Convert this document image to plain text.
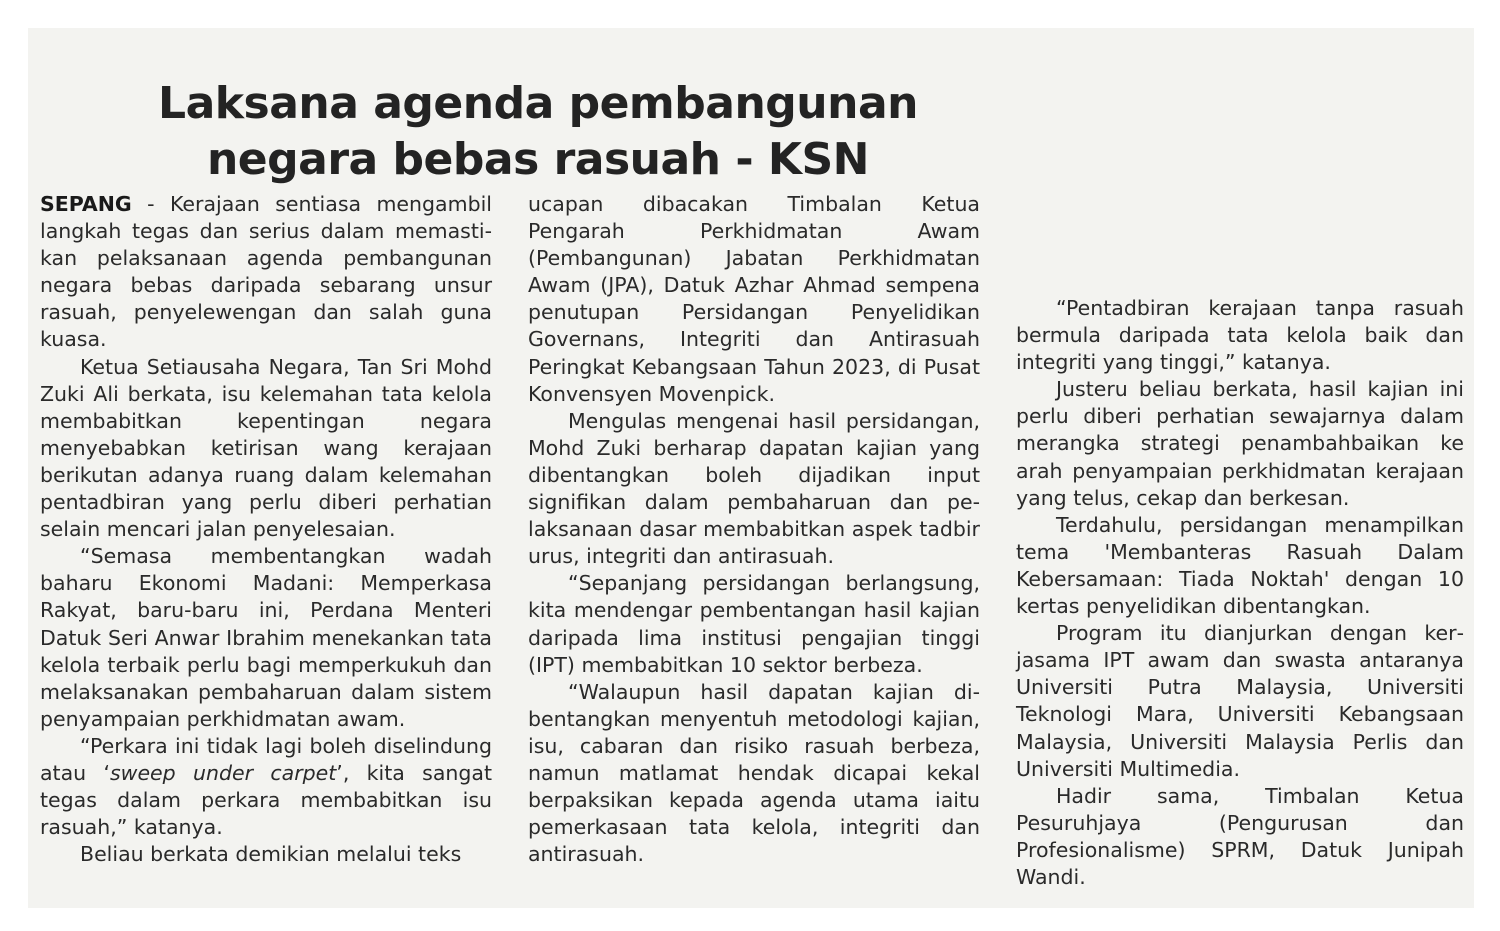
Laksana agenda pembangunan
negara bebas rasuah - KSN

SEPANG - Kerajaan sentiasa mengambil langkah tegas dan serius dalam memastikan pelaksanaan agenda pembangunan negara bebas daripada sebarang unsur rasuah, penyelewengan dan salah guna kuasa.

Ketua Setiausaha Negara, Tan Sri Mohd Zuki Ali berkata, isu kelemahan tata kelola membabitkan kepentingan negara menyebabkan ketirisan wang kerajaan berikutan adanya ruang dalam kelemahan pentadbiran yang perlu diberi perhatian selain mencari jalan penyelesaian.

“Semasa membentangkan wadah baharu Ekonomi Madani: Memperkasa Rakyat, baru-baru ini, Perdana Menteri Datuk Seri Anwar Ibrahim menekankan tata kelola terbaik perlu bagi memperkukuh dan melaksanakan pembaharuan dalam sistem penyampaian perkhidmatan awam.

“Perkara ini tidak lagi boleh diselindung atau ‘sweep under carpet’, kita sangat tegas dalam perkara membabitkan isu rasuah,” katanya.

Beliau berkata demikian melalui teks

ucapan dibacakan Timbalan Ketua Pengarah Perkhidmatan Awam (Pembangunan) Jabatan Perkhidmatan Awam (JPA), Datuk Azhar Ahmad sempena penutupan Persidangan Penyelidikan Governans, Integriti dan Antirasuah Peringkat Kebangsaan Tahun 2023, di Pusat Konvensyen Movenpick.

Mengulas mengenai hasil persidangan, Mohd Zuki berharap dapatan kajian yang dibentangkan boleh dijadikan input signifikan dalam pembaharuan dan pelaksanaan dasar membabitkan aspek tadbir urus, integriti dan antirasuah.

“Sepanjang persidangan berlangsung, kita mendengar pembentangan hasil kajian daripada lima institusi pengajian tinggi (IPT) membabitkan 10 sektor berbeza.

“Walaupun hasil dapatan kajian dibentangkan menyentuh metodologi kajian, isu, cabaran dan risiko rasuah berbeza, namun matlamat hendak dicapai kekal berpaksikan kepada agenda utama iaitu pemerkasaan tata kelola, integriti dan antirasuah.

“Pentadbiran kerajaan tanpa rasuah bermula daripada tata kelola baik dan integriti yang tinggi,” katanya.

Justeru beliau berkata, hasil kajian ini perlu diberi perhatian sewajarnya dalam merangka strategi penambahbaikan ke arah penyampaian perkhidmatan kerajaan yang telus, cekap dan berkesan.

Terdahulu, persidangan menampilkan tema 'Membanteras Rasuah Dalam Kebersamaan: Tiada Noktah' dengan 10 kertas penyelidikan dibentangkan.

Program itu dianjurkan dengan kerjasama IPT awam dan swasta antaranya Universiti Putra Malaysia, Universiti Teknologi Mara, Universiti Kebangsaan Malaysia, Universiti Malaysia Perlis dan Universiti Multimedia.

Hadir sama, Timbalan Ketua Pesuruhjaya (Pengurusan dan Profesionalisme) SPRM, Datuk Junipah Wandi.
